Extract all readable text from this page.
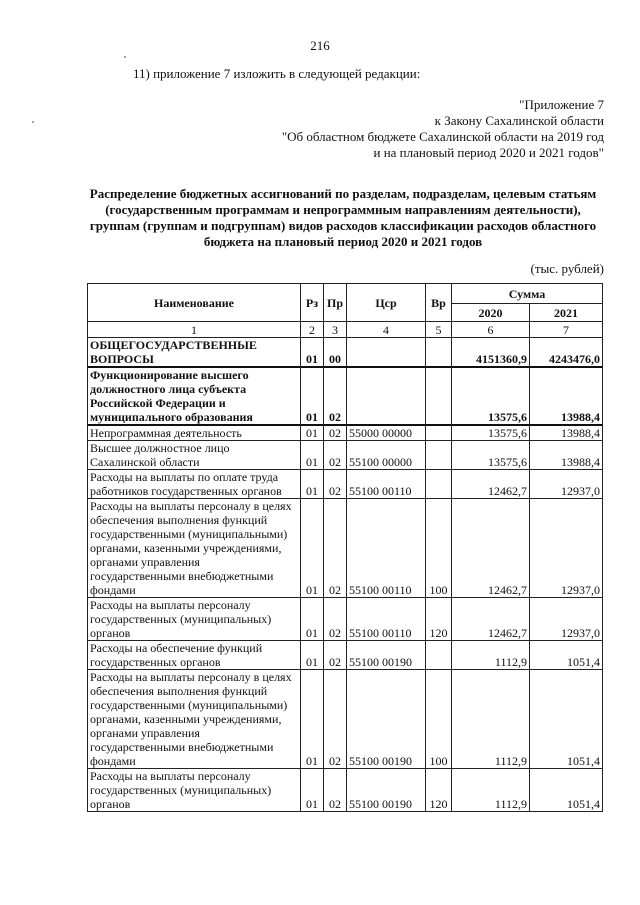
216
11) приложение 7 изложить в следующей редакции:
"Приложение 7
к Закону Сахалинской области
"Об областном бюджете Сахалинской области на 2019 год
и на плановый период 2020 и 2021 годов"
Распределение бюджетных ассигнований по разделам, подразделам, целевым статьям
(государственным программам и непрограммным направлениям деятельности),
группам (группам и подгруппам) видов расходов классификации расходов областного
бюджета на плановый период 2020 и 2021 годов
(тыс. рублей)
Наименование	Рз	Пр	Цср	Вр	Сумма	
					2020	2021
1	2	3	4	5	6	7
ОБЩЕГОСУДАРСТВЕННЫЕ ВОПРОСЫ	01	00			4151360,9	4243476,0
Функционирование высшего должностного лица субъекта Российской Федерации и муниципального образования	01	02			13575,6	13988,4
Непрограммная деятельность	01	02	55000 00000		13575,6	13988,4
Высшее должностное лицо Сахалинской области	01	02	55100 00000		13575,6	13988,4
Расходы на выплаты по оплате труда работников государственных органов	01	02	55100 00110		12462,7	12937,0
Расходы на выплаты персоналу в целях обеспечения выполнения функций государственными (муниципальными) органами, казенными учреждениями, органами управления государственными внебюджетными фондами	01	02	55100 00110	100	12462,7	12937,0
Расходы на выплаты персоналу государственных (муниципальных) органов	01	02	55100 00110	120	12462,7	12937,0
Расходы на обеспечение функций государственных органов	01	02	55100 00190		1112,9	1051,4
Расходы на выплаты персоналу в целях обеспечения выполнения функций государственными (муниципальными) органами, казенными учреждениями, органами управления государственными внебюджетными фондами	01	02	55100 00190	100	1112,9	1051,4
Расходы на выплаты персоналу государственных (муниципальных) органов	01	02	55100 00190	120	1112,9	1051,4
